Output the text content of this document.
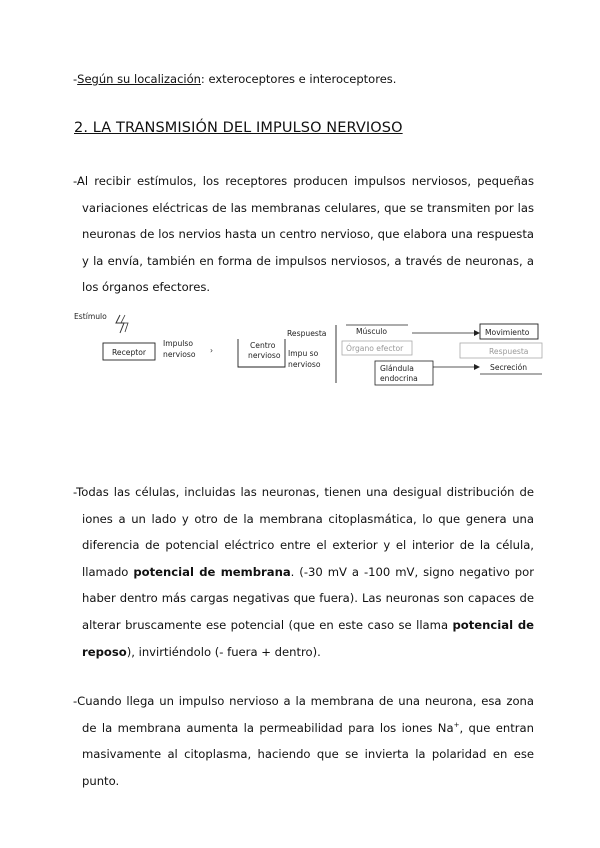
-Según su localización: exteroceptores e interoceptores.
2. LA TRANSMISIÓN DEL IMPULSO NERVIOSO

-Al recibir estímulos, los receptores producen impulsos nerviosos, pequeñas variaciones eléctricas de las membranas celulares, que se transmiten por las neuronas de los nervios hasta un centro nervioso, que elabora una respuesta y la envía, también en forma de impulsos nerviosos, a través de neuronas, a los órganos efectores.

Estímulo
Receptor
Impulso
nervioso ›
Centro
nervioso
Respuesta
Impu so
nervioso
Músculo
Órgano efector
Glándula
endocrina
Movimiento
Respuesta
Secreción

-Todas las células, incluidas las neuronas, tienen una desigual distribución de iones a un lado y otro de la membrana citoplasmática, lo que genera una diferencia de potencial eléctrico entre el exterior y el interior de la célula, llamado potencial de membrana. (-30 mV a -100 mV, signo negativo por haber dentro más cargas negativas que fuera). Las neuronas son capaces de alterar bruscamente ese potencial (que en este caso se llama potencial de reposo), invirtiéndolo (- fuera + dentro).

-Cuando llega un impulso nervioso a la membrana de una neurona, esa zona de la membrana aumenta la permeabilidad para los iones Na+, que entran masivamente al citoplasma, haciendo que se invierta la polaridad en ese punto.
